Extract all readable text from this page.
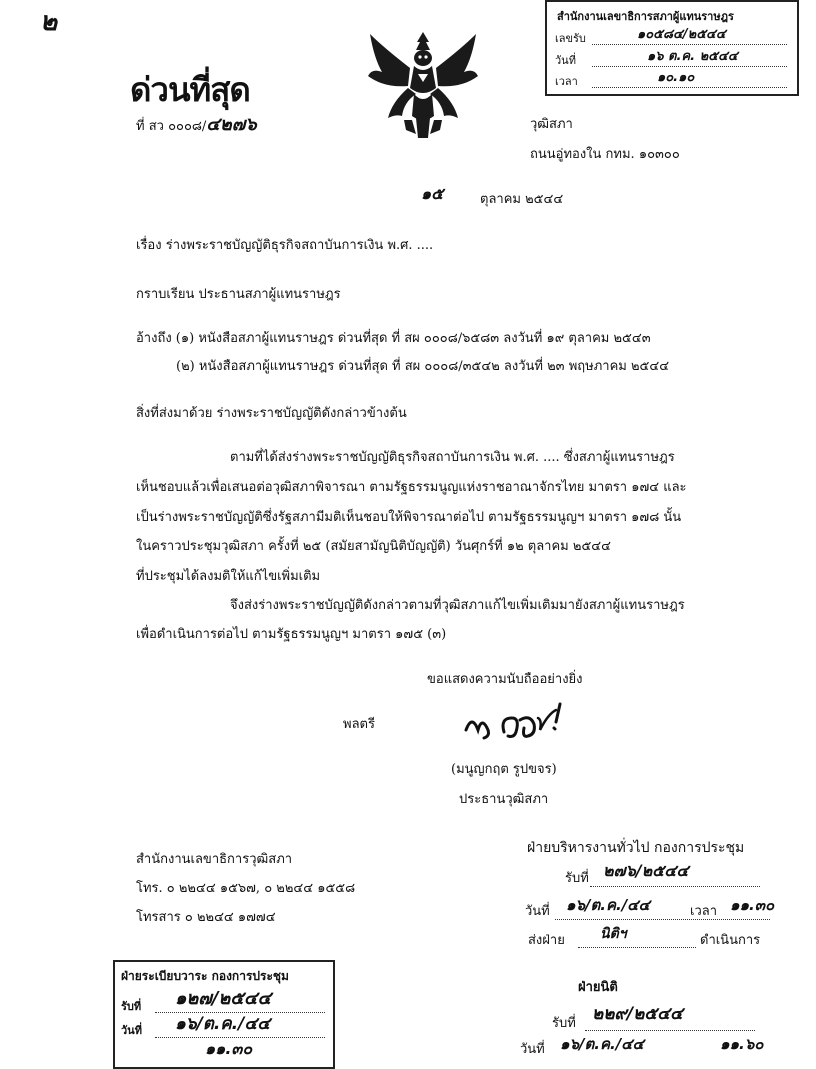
๒	สำนักงานเลขาธิการสภาผู้แทนราษฎร
เลขรับ	๑๐๕๘๔/๒๕๔๔
วันที่	๑๖ ต.ค. ๒๕๔๔
เวลา	๑๐.๑๐
ด่วนที่สุด
ที่ สว ๐๐๐๘/๔๒๗๖	วุฒิสภา
ถนนอู่ทองใน กทม. ๑๐๓๐๐
๑๕	ตุลาคม ๒๕๔๔
เรื่อง ร่างพระราชบัญญัติธุรกิจสถาบันการเงิน พ.ศ. ....
กราบเรียน ประธานสภาผู้แทนราษฎร
อ้างถึง (๑) หนังสือสภาผู้แทนราษฎร ด่วนที่สุด ที่ สผ ๐๐๐๘/๖๕๘๓ ลงวันที่ ๑๙ ตุลาคม ๒๕๔๓
(๒) หนังสือสภาผู้แทนราษฎร ด่วนที่สุด ที่ สผ ๐๐๐๘/๓๕๔๒ ลงวันที่ ๒๓ พฤษภาคม ๒๕๔๔
สิ่งที่ส่งมาด้วย ร่างพระราชบัญญัติดังกล่าวข้างต้น
ตามที่ได้ส่งร่างพระราชบัญญัติธุรกิจสถาบันการเงิน พ.ศ. .... ซึ่งสภาผู้แทนราษฎร
เห็นชอบแล้วเพื่อเสนอต่อวุฒิสภาพิจารณา ตามรัฐธรรมนูญแห่งราชอาณาจักรไทย มาตรา ๑๗๔ และ
เป็นร่างพระราชบัญญัติซึ่งรัฐสภามีมติเห็นชอบให้พิจารณาต่อไป ตามรัฐธรรมนูญฯ มาตรา ๑๗๘ นั้น
ในคราวประชุมวุฒิสภา ครั้งที่ ๒๕ (สมัยสามัญนิติบัญญัติ) วันศุกร์ที่ ๑๒ ตุลาคม ๒๕๔๔
ที่ประชุมได้ลงมติให้แก้ไขเพิ่มเติม
จึงส่งร่างพระราชบัญญัติดังกล่าวตามที่วุฒิสภาแก้ไขเพิ่มเติมมายังสภาผู้แทนราษฎร
เพื่อดำเนินการต่อไป ตามรัฐธรรมนูญฯ มาตรา ๑๗๕ (๓)
ขอแสดงความนับถืออย่างยิ่ง
พลตรี
(มนูญกฤต รูปขจร)
ประธานวุฒิสภา
สำนักงานเลขาธิการวุฒิสภา
โทร. ๐ ๒๒๔๔ ๑๕๖๗, ๐ ๒๒๔๔ ๑๕๕๘
โทรสาร ๐ ๒๒๔๔ ๑๗๗๔
ฝ่ายบริหารงานทั่วไป กองการประชุม
รับที่ ๒๗๖/๒๕๔๔
วันที่ ๑๖/ต.ค./๔๔	เวลา ๑๑.๓๐
ส่งฝ่าย	นิติฯ	ดำเนินการ
ฝ่ายระเบียบวาระ กองการประชุม
รับที่ ๑๒๗/๒๕๔๔
วันที่ ๑๖/ต.ค./๔๔
๑๑.๓๐
ฝ่ายนิติ
รับที่ ๒๒๙/๒๕๔๔
วันที่ ๑๖/ต.ค./๔๔	๑๑.๖๐
